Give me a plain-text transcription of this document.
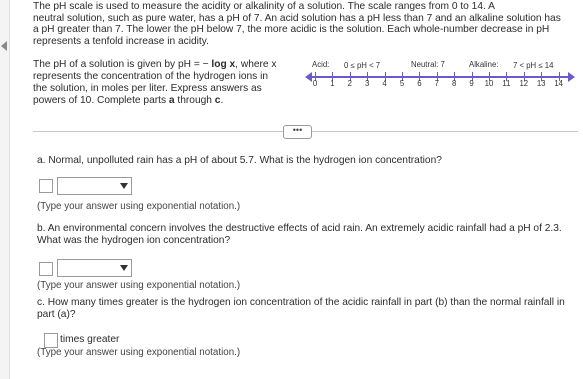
The pH scale is used to measure the acidity or alkalinity of a solution. The scale ranges from 0 to 14. A
neutral solution, such as pure water, has a pH of 7. An acid solution has a pH less than 7 and an alkaline solution has
a pH greater than 7. The lower the pH below 7, the more acidic is the solution. Each whole-number decrease in pH
represents a tenfold increase in acidity.
The pH of a solution is given by pH = − log x, where x
represents the concentration of the hydrogen ions in
the solution, in moles per liter. Express answers as
powers of 10. Complete parts a through c.
Acid: 0 ≤ pH < 7	Neutral: 7	Alkaline: 7 < pH ≤ 14
0	1	2	3	4	5	6	7	8	9	10	11	12	13	14
•••
a. Normal, unpolluted rain has a pH of about 5.7. What is the hydrogen ion concentration?
(Type your answer using exponential notation.)
b. An environmental concern involves the destructive effects of acid rain. An extremely acidic rainfall had a pH of 2.3.
What was the hydrogen ion concentration?
(Type your answer using exponential notation.)
c. How many times greater is the hydrogen ion concentration of the acidic rainfall in part (b) than the normal rainfall in
part (a)?
times greater
(Type your answer using exponential notation.)
